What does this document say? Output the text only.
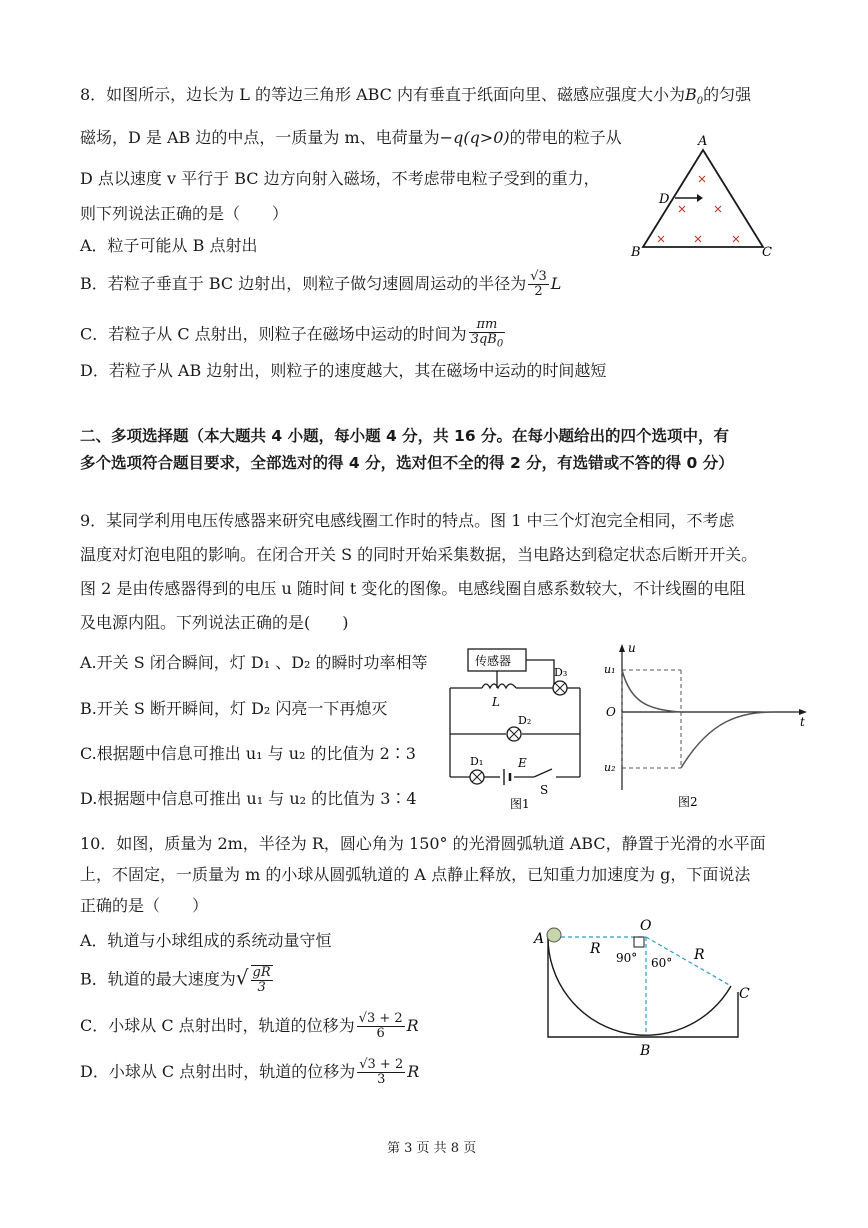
8．如图所示，边长为 L 的等边三角形 ABC 内有垂直于纸面向里、磁感应强度大小为$B_0$的匀强
磁场，D 是 AB 边的中点，一质量为 m、电荷量为−q(q>0)的带电的粒子从
D 点以速度 v 平行于 BC 边方向射入磁场，不考虑带电粒子受到的重力，
则下列说法正确的是（　　）
A．粒子可能从 B 点射出
B．若粒子垂直于 BC 边射出，则粒子做匀速圆周运动的半径为 $\frac{√3}{2}$ L
C．若粒子从 C 点射出，则粒子在磁场中运动的时间为 $\frac{\pi m}{3qB_0}$
D．若粒子从 AB 边射出，则粒子的速度越大，其在磁场中运动的时间越短
A
B	C
D
二、多项选择题（本大题共 4 小题，每小题 4 分，共 16 分。在每小题给出的四个选项中，有
多个选项符合题目要求，全部选对的得 4 分，选对但不全的得 2 分，有选错或不答的得 0 分）
9．某同学利用电压传感器来研究电感线圈工作时的特点。图 1 中三个灯泡完全相同，不考虑
温度对灯泡电阻的影响。在闭合开关 S 的同时开始采集数据，当电路达到稳定状态后断开开关。
图 2 是由传感器得到的电压 u 随时间 t 变化的图像。电感线圈自感系数较大，不计线圈的电阻
及电源内阻。下列说法正确的是(　　)
A.开关 S 闭合瞬间，灯 D₁ 、D₂ 的瞬时功率相等
B.开关 S 断开瞬间，灯 D₂ 闪亮一下再熄灭
C.根据题中信息可推出 u₁ 与 u₂ 的比值为 2∶3
D.根据题中信息可推出 u₁ 与 u₂ 的比值为 3∶4
传感器
D₃
L
D₂
D₁	E
S
图1
u
t
O
u₁
u₂
图2
10．如图，质量为 2m，半径为 R，圆心角为 150° 的光滑圆弧轨道 ABC，静置于光滑的水平面
上，不固定，一质量为 m 的小球从圆弧轨道的 A 点静止释放，已知重力加速度为 g，下面说法
正确的是（　　）
A．轨道与小球组成的系统动量守恒
B．轨道的最大速度为√ $\frac{gR}{3}$
C．小球从 C 点射出时，轨道的位移为 $\frac{√3 + 2}{6}$ R
D．小球从 C 点射出时，轨道的位移为 $\frac{√3 + 2}{3}$ R
A
O
B
C
R	R
90° 60°
第 3 页 共 8 页
